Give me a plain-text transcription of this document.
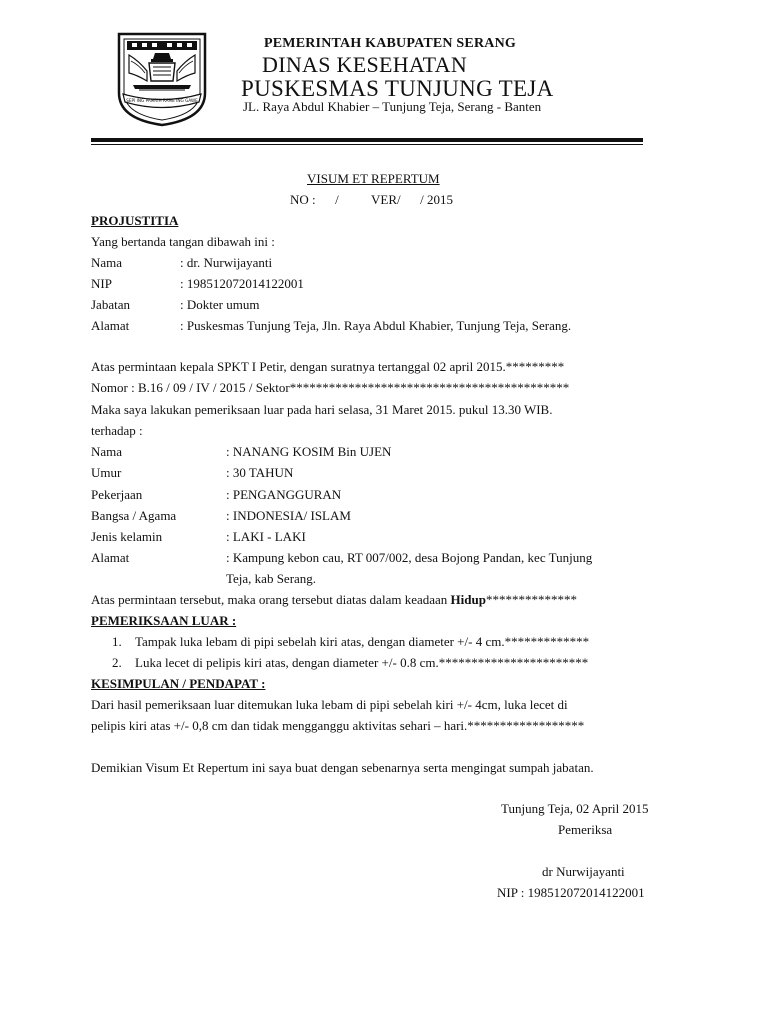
SEPI ING PAMRIH RAME ING GAWE
PEMERINTAH KABUPATEN SERANG
DINAS KESEHATAN
PUSKESMAS TUNJUNG TEJA
JL. Raya Abdul Khabier – Tunjung Teja, Serang - Banten
VISUM ET REPERTUM
NO :      /          VER/      / 2015
PROJUSTITIA
Yang bertanda tangan dibawah ini :
Nama	: dr. Nurwijayanti
NIP	: 198512072014122001
Jabatan	: Dokter umum
Alamat	: Puskesmas Tunjung Teja, Jln. Raya Abdul Khabier, Tunjung Teja, Serang.
Atas permintaan kepala SPKT I Petir, dengan suratnya tertanggal 02 april 2015.*********
Nomor : B.16 / 09 / IV / 2015 / Sektor*******************************************
Maka saya lakukan pemeriksaan luar pada hari selasa, 31 Maret 2015. pukul 13.30 WIB.
terhadap :
Nama	: NANANG KOSIM Bin UJEN
Umur	: 30 TAHUN
Pekerjaan	: PENGANGGURAN
Bangsa / Agama	: INDONESIA/ ISLAM
Jenis kelamin	: LAKI - LAKI
Alamat	: Kampung kebon cau, RT 007/002, desa Bojong Pandan, kec Tunjung
Teja, kab Serang.
Atas permintaan tersebut, maka orang tersebut diatas dalam keadaan Hidup**************
PEMERIKSAAN LUAR :
1. Tampak luka lebam di pipi sebelah kiri atas, dengan diameter +/- 4 cm.*************
2. Luka lecet di pelipis kiri atas, dengan diameter +/- 0.8 cm.***********************
KESIMPULAN / PENDAPAT :
Dari hasil pemeriksaan luar ditemukan luka lebam di pipi sebelah kiri +/- 4cm, luka lecet di
pelipis kiri atas +/- 0,8 cm dan tidak mengganggu aktivitas sehari – hari.******************
Demikian Visum Et Repertum ini saya buat dengan sebenarnya serta mengingat sumpah jabatan.
Tunjung Teja, 02 April 2015
Pemeriksa
dr Nurwijayanti
NIP : 198512072014122001
